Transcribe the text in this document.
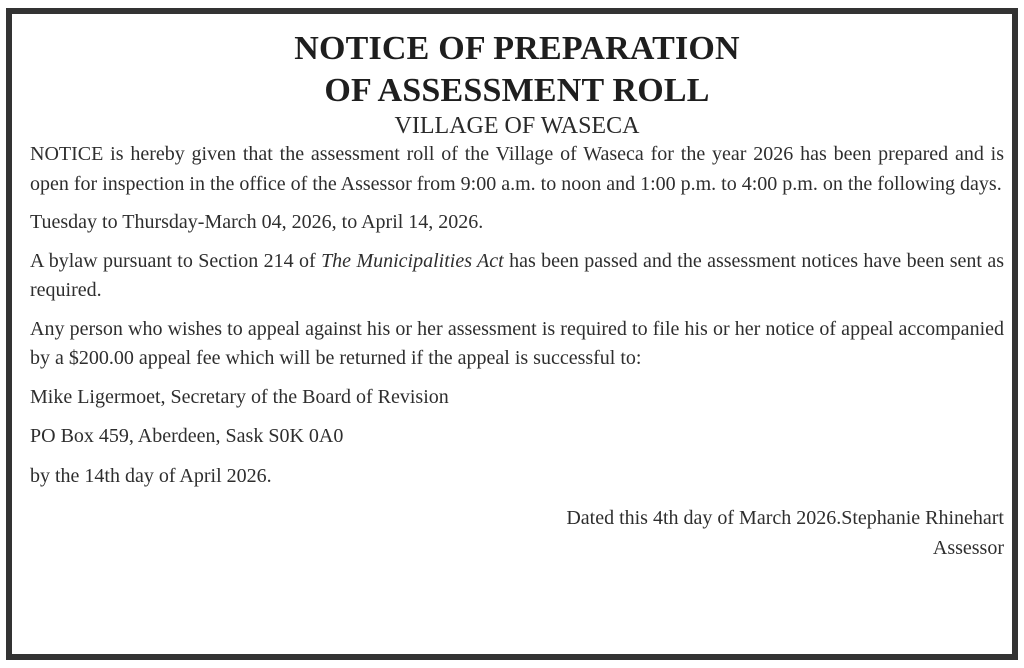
NOTICE OF PREPARATION
OF ASSESSMENT ROLL

VILLAGE OF WASECA

NOTICE is hereby given that the assessment roll of the Village of Waseca for the year 2026 has been prepared and is open for inspection in the office of the Assessor from 9:00 a.m. to noon and 1:00 p.m. to 4:00 p.m. on the following days.

Tuesday to Thursday-March 04, 2026, to April 14, 2026.

A bylaw pursuant to Section 214 of The Municipalities Act has been passed and the assessment notices have been sent as required.

Any person who wishes to appeal against his or her assessment is required to file his or her notice of appeal accompanied by a $200.00 appeal fee which will be returned if the appeal is successful to:

Mike Ligermoet, Secretary of the Board of Revision

PO Box 459, Aberdeen, Sask S0K 0A0

by the 14th day of April 2026.

Dated this 4th day of March 2026.Stephanie Rhinehart
Assessor
